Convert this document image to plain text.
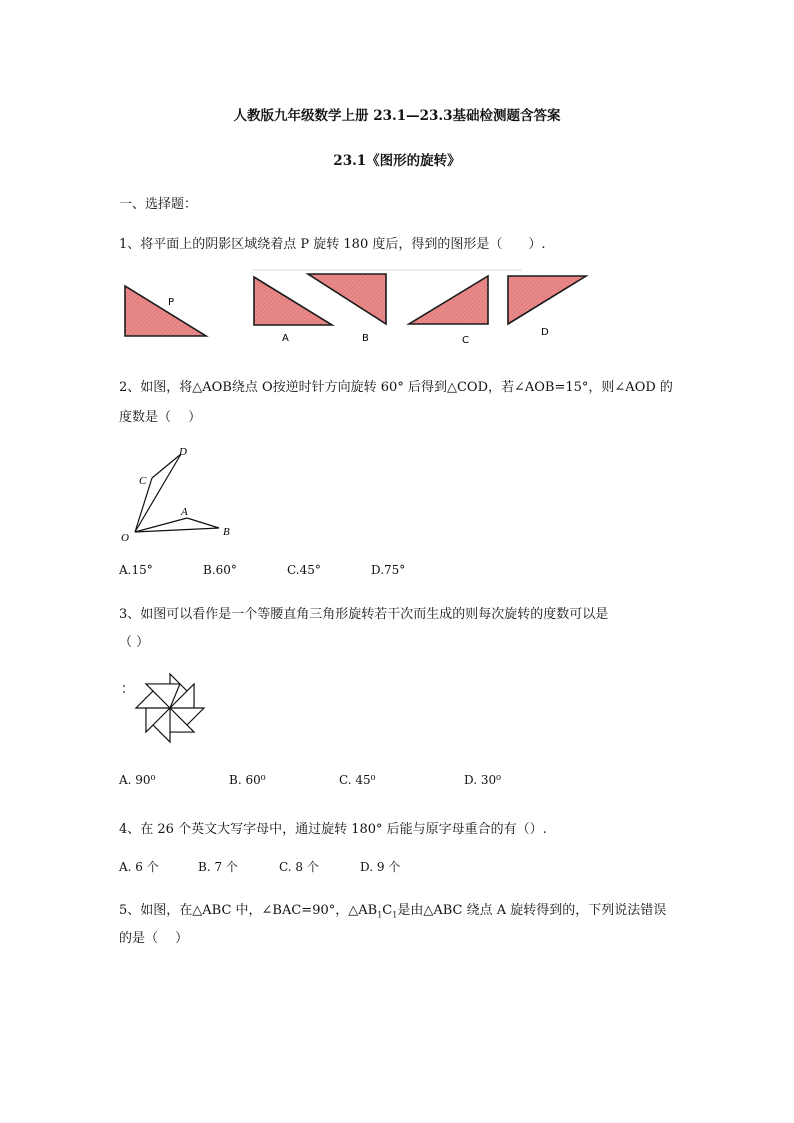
人教版九年级数学上册 23.1—23.3基础检测题含答案
23.1《图形的旋转》
一、选择题：
1、将平面上的阴影区域绕着点 P 旋转 180 度后，得到的图形是（　　）.
P
A	B	C
D
2、如图，将△AOB绕点 O按逆时针方向旋转 60° 后得到△COD，若∠AOB=15°，则∠AOD 的
度数是（　 ）
D
C
A
O	B
A.15°	B.60°	C.45°	D.75°
3、如图可以看作是一个等腰直角三角形旋转若干次而生成的则每次旋转的度数可以是
（ ）
A. 90⁰	B. 60⁰	C. 45⁰	D. 30⁰
4、在 26 个英文大写字母中，通过旋转 180° 后能与原字母重合的有（）.
A. 6 个	B. 7 个	C. 8 个	D. 9 个
5、如图，在△ABC 中，∠BAC=90°，$\triangle AB_1C_1$是由△ABC 绕点 A 旋转得到的，下列说法错误
的是（　 ）
